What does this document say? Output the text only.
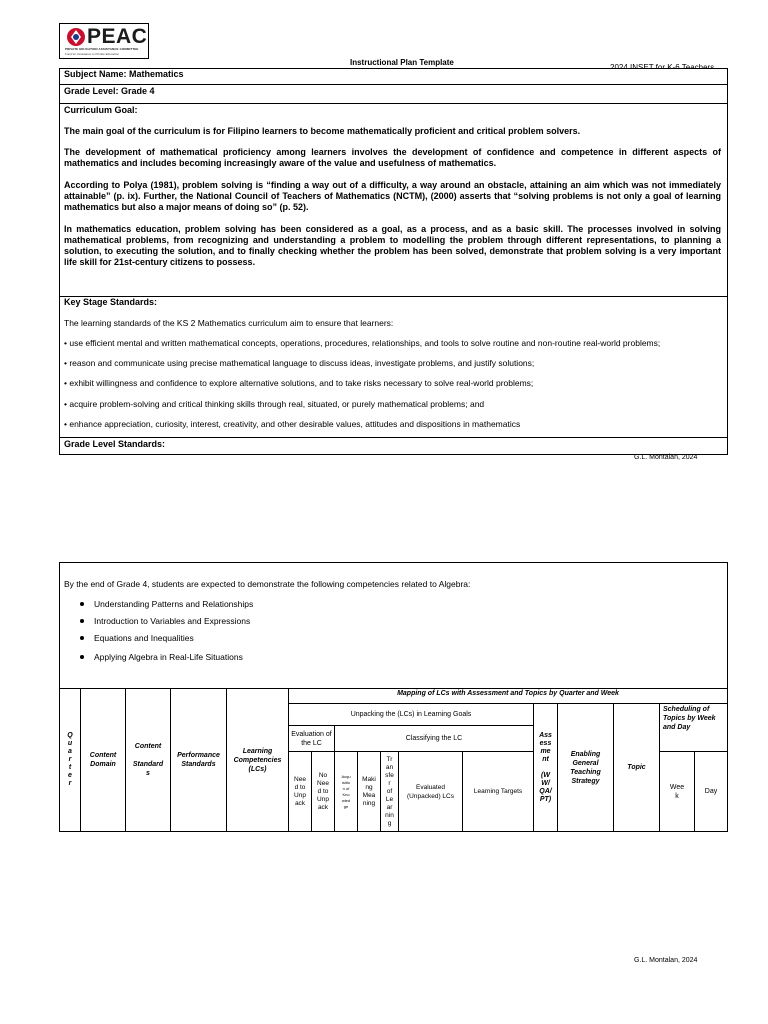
PEAC
PRIVATE EDUCATION ASSISTANCE COMMITTEE
Fund for Assistance to Private Education
Instructional Plan Template
2024 INSET for K-6 Teachers
Subject Name: Mathematics
Grade Level: Grade 4
Curriculum Goal:
The main goal of the curriculum is for Filipino learners to become mathematically proficient and critical problem solvers.
The development of mathematical proficiency among learners involves the development of confidence and competence in different aspects of mathematics and includes becoming increasingly aware of the value and usefulness of mathematics.
According to Polya (1981), problem solving is “finding a way out of a difficulty, a way around an obstacle, attaining an aim which was not immediately attainable” (p. ix). Further, the National Council of Teachers of Mathematics (NCTM), (2000) asserts that “solving problems is not only a goal of learning mathematics but also a major means of doing so” (p. 52).
In mathematics education, problem solving has been considered as a goal, as a process, and as a basic skill. The processes involved in solving mathematical problems, from recognizing and understanding a problem to modelling the problem through different representations, to planning a solution, to executing the solution, and to finally checking whether the problem has been solved, demonstrate that problem solving is a very important life skill for 21st-century citizens to possess.
Key Stage Standards:
The learning standards of the KS 2 Mathematics curriculum aim to ensure that learners:
• use efficient mental and written mathematical concepts, operations, procedures, relationships, and tools to solve routine and non-routine real-world problems;
• reason and communicate using precise mathematical language to discuss ideas, investigate problems, and justify solutions;
• exhibit willingness and confidence to explore alternative solutions, and to take risks necessary to solve real-world problems;
• acquire problem-solving and critical thinking skills through real, situated, or purely mathematical problems; and
• enhance appreciation, curiosity, interest, creativity, and other desirable values, attitudes and dispositions in mathematics
Grade Level Standards:
G.L. Montalan, 2024
By the end of Grade 4, students are expected to demonstrate the following competencies related to Algebra:
Understanding Patterns and Relationships
Introduction to Variables and Expressions
Equations and Inequalities
Applying Algebra in Real-Life Situations
Q
u
a
r
t
e
r
Content Domain
Content

Standard
s
Performance Standards
Learning Competencies (LCs)
Mapping of LCs with Assessment and Topics by Quarter and Week
Unpacking the (LCs) in Learning Goals
Evaluation of the LC
Classifying the LC
Nee
d to
Unp
ack
No
Nee
d to
Unp
ack
Acqu
isitio
n of
Kno
wled
ge
Maki
ng
Mea
ning
Tr
an
sfe
r
of
Le
ar
nin
g
Evaluated (Unpacked) LCs
Learning Targets
Ass
ess
me
nt

(W
W/
QA/
PT)
Enabling General Teaching Strategy
Topic
Scheduling of Topics by Week and Day
Wee
k
Day
G.L. Montalan, 2024
